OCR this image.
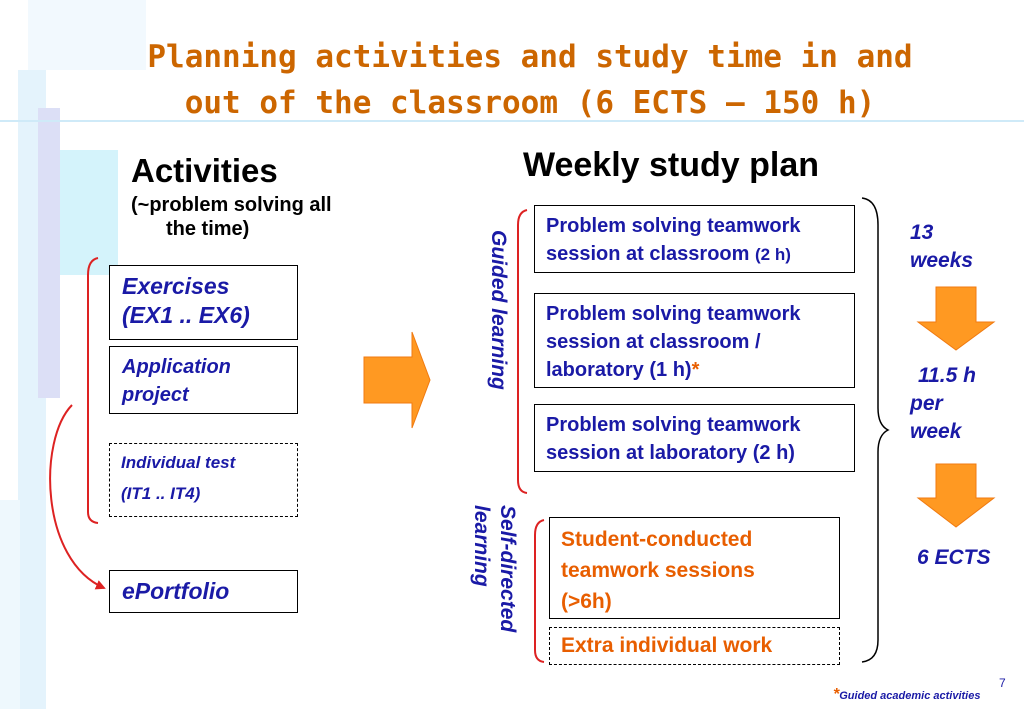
Planning activities and study time in and
out of the classroom (6 ECTS – 150 h)
Activities
(~problem solving all
the time)
Exercises
(EX1 .. EX6)
Application
project
Individual test
(IT1 .. IT4)
ePortfolio
Weekly study plan
Guided learning
Self-directed
learning
Problem solving teamwork
session at classroom (2 h)
Problem solving teamwork
session at classroom /
laboratory (1 h)*
Problem solving teamwork
session at laboratory (2 h)
Student-conducted
teamwork sessions
(>6h)
Extra individual work
13
weeks
11.5 h
per
week
6 ECTS
*Guided academic activities
7
